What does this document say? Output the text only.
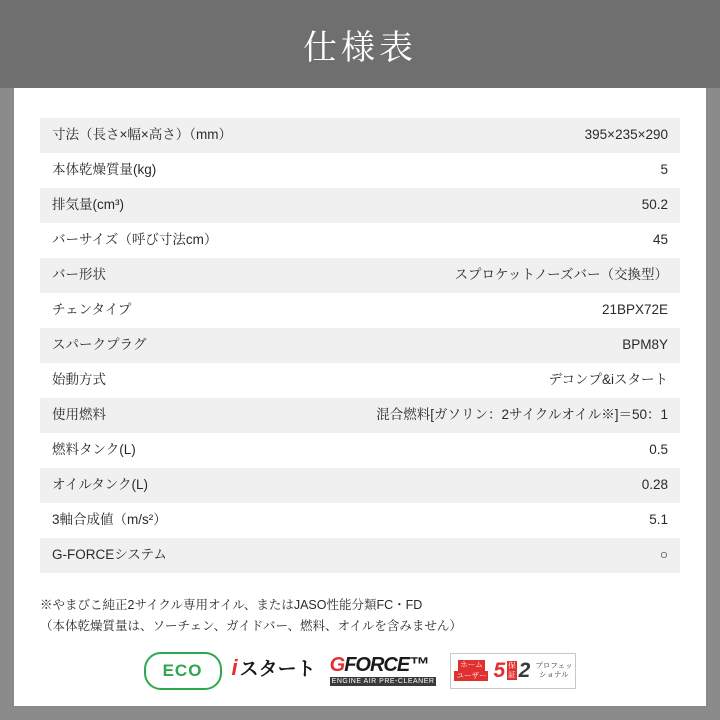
仕様表
寸法（長さ×幅×高さ）（mm）	395×235×290
本体乾燥質量(kg)	5
排気量(cm³)	50.2
バーサイズ（呼び寸法cm）	45
バー形状	スプロケットノーズバー（交換型）
チェンタイプ	21BPX72E
スパークプラグ	BPM8Y
始動方式	デコンプ&iスタート
使用燃料	混合燃料[ガソリン：2サイクルオイル※]＝50：1
燃料タンク(L)	0.5
オイルタンク(L)	0.28
3軸合成値（m/s²）	5.1
G-FORCEシステム	○
※やまびこ純正2サイクル専用オイル、またはJASO性能分類FC・FD
（本体乾燥質量は、ソーチェン、ガイドバー、燃料、オイルを含みません）
ECO i スタート GFORCE™
ENGINE AIR PRE-CLEANER
ホーム
ユーザー 5 保
証 2 プロフェッ
ショナル
